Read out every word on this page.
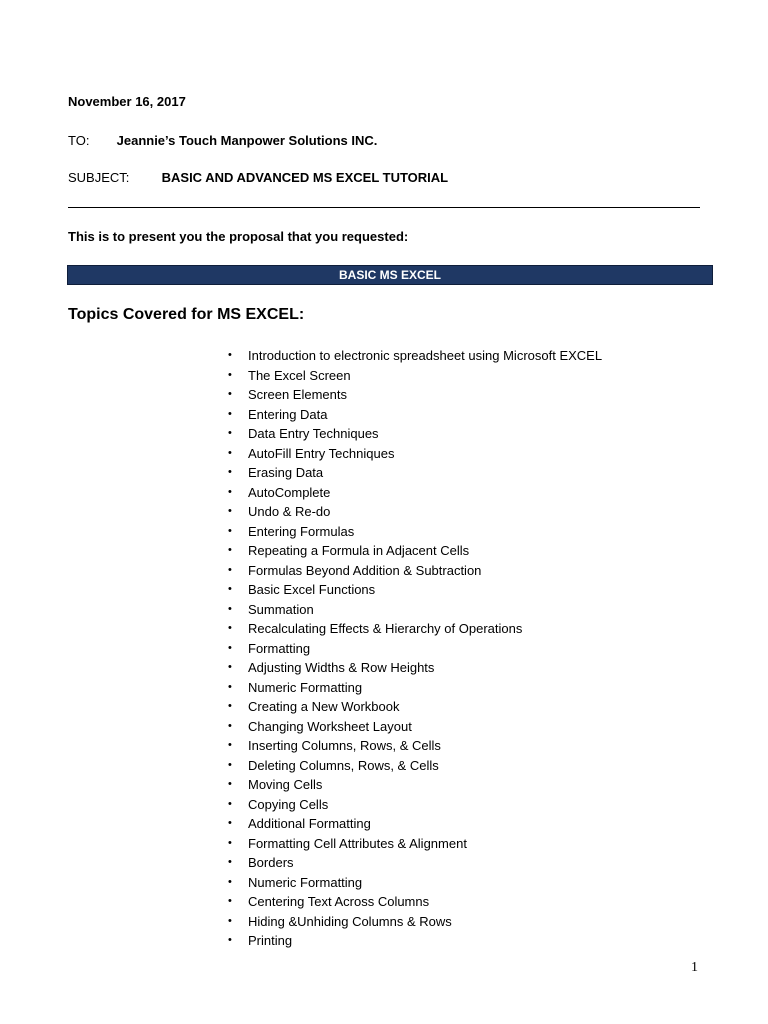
November 16, 2017
TO: Jeannie’s Touch Manpower Solutions INC.
SUBJECT: BASIC AND ADVANCED MS EXCEL TUTORIAL
This is to present you the proposal that you requested:
BASIC MS EXCEL
Topics Covered for MS EXCEL:
•	Introduction to electronic spreadsheet using Microsoft EXCEL
•	The Excel Screen
•	Screen Elements
•	Entering Data
•	Data Entry Techniques
•	AutoFill Entry Techniques
•	Erasing Data
•	AutoComplete
•	Undo & Re-do
•	Entering Formulas
•	Repeating a Formula in Adjacent Cells
•	Formulas Beyond Addition & Subtraction
•	Basic Excel Functions
•	Summation
•	Recalculating Effects & Hierarchy of Operations
•	Formatting
•	Adjusting Widths & Row Heights
•	Numeric Formatting
•	Creating a New Workbook
•	Changing Worksheet Layout
•	Inserting Columns, Rows, & Cells
•	Deleting Columns, Rows, & Cells
•	Moving Cells
•	Copying Cells
•	Additional Formatting
•	Formatting Cell Attributes & Alignment
•	Borders
•	Numeric Formatting
•	Centering Text Across Columns
•	Hiding &Unhiding Columns & Rows
•	Printing
1
